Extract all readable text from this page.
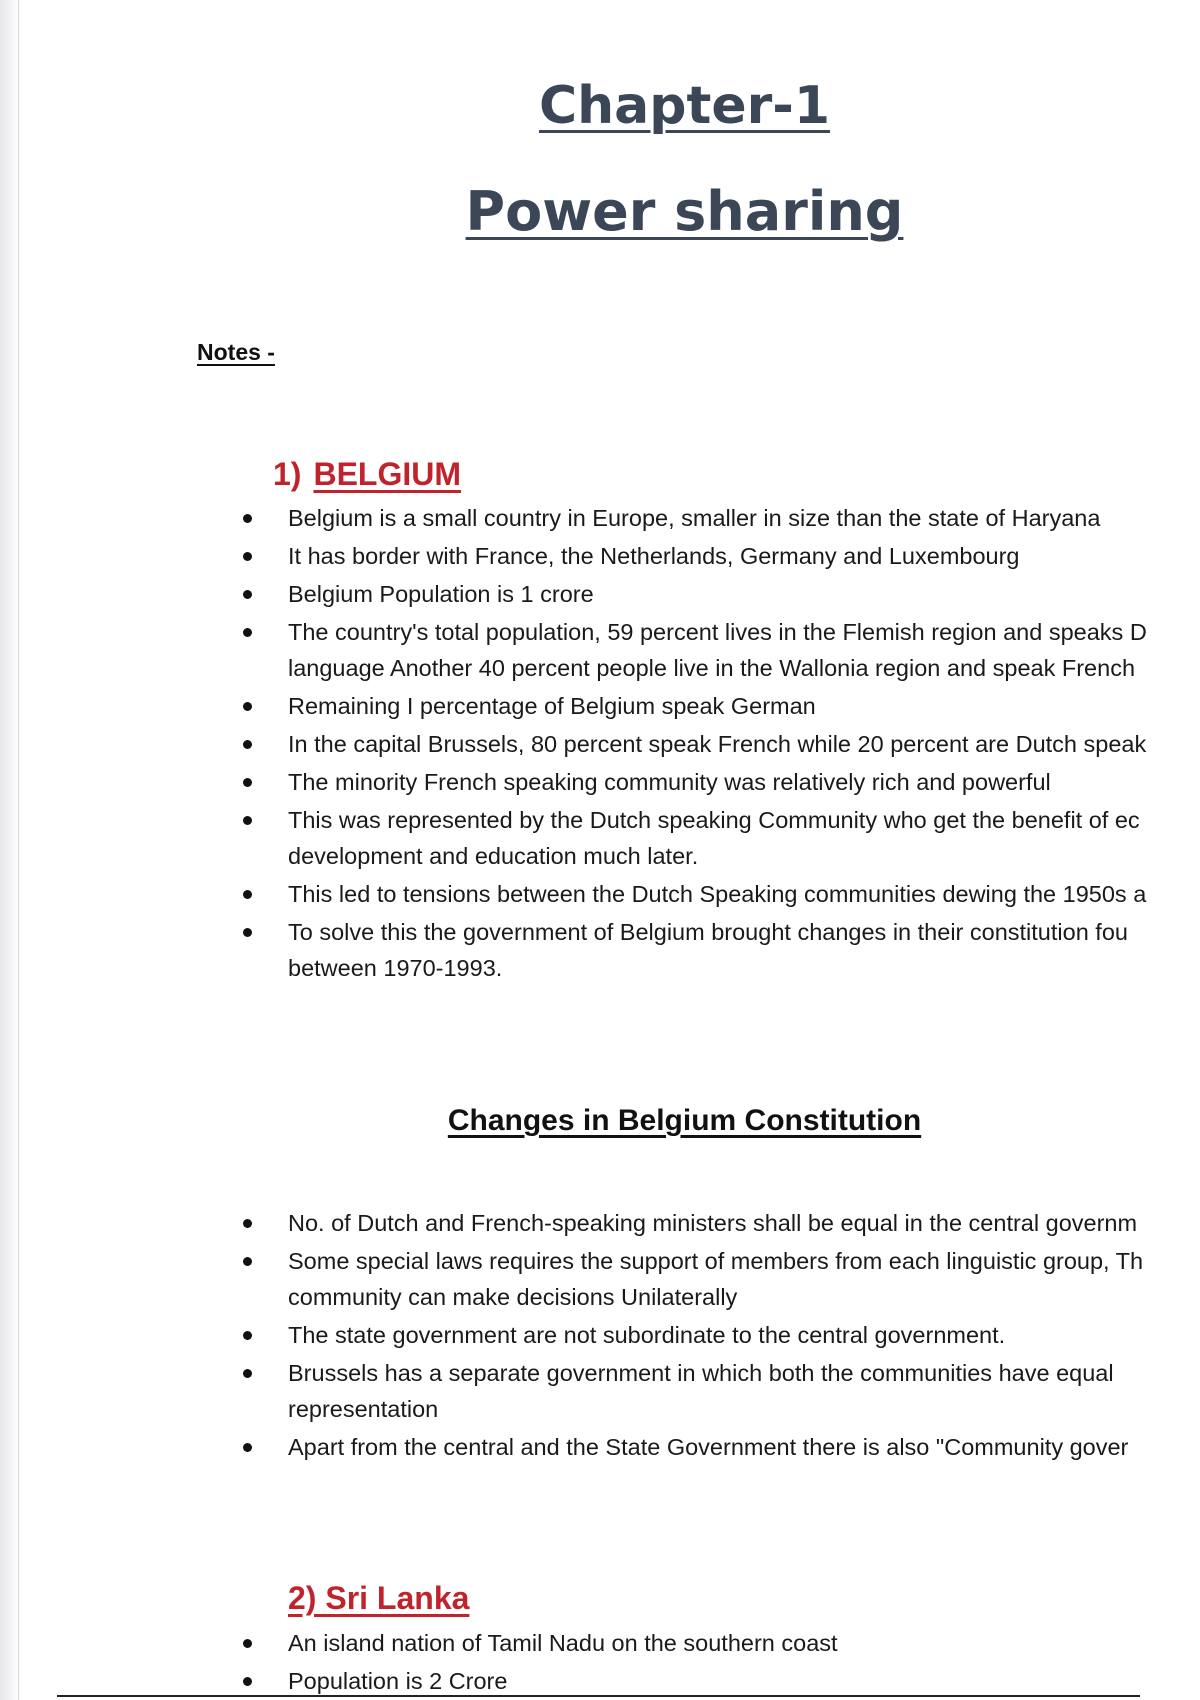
Chapter-1
Power sharing

Notes -

1) BELGIUM
Belgium is a small country in Europe, smaller in size than the state of Haryana
It has border with France, the Netherlands, Germany and Luxembourg
Belgium Population is 1 crore
The country's total population, 59 percent lives in the Flemish region and speaks D language Another 40 percent people live in the Wallonia region and speak French
Remaining I percentage of Belgium speak German
In the capital Brussels, 80 percent speak French while 20 percent are Dutch speak
The minority French speaking community was relatively rich and powerful
This was represented by the Dutch speaking Community who get the benefit of ec development and education much later.
This led to tensions between the Dutch Speaking communities dewing the 1950s a
To solve this the government of Belgium brought changes in their constitution fou between 1970-1993.
Changes in Belgium Constitution
No. of Dutch and French-speaking ministers shall be equal in the central governm
Some special laws requires the support of members from each linguistic group, Th community can make decisions Unilaterally
The state government are not subordinate to the central government.
Brussels has a separate government in which both the communities have equal representation
Apart from the central and the State Government there is also "Community gover
2) Sri Lanka
An island nation of Tamil Nadu on the southern coast
Population is 2 Crore
